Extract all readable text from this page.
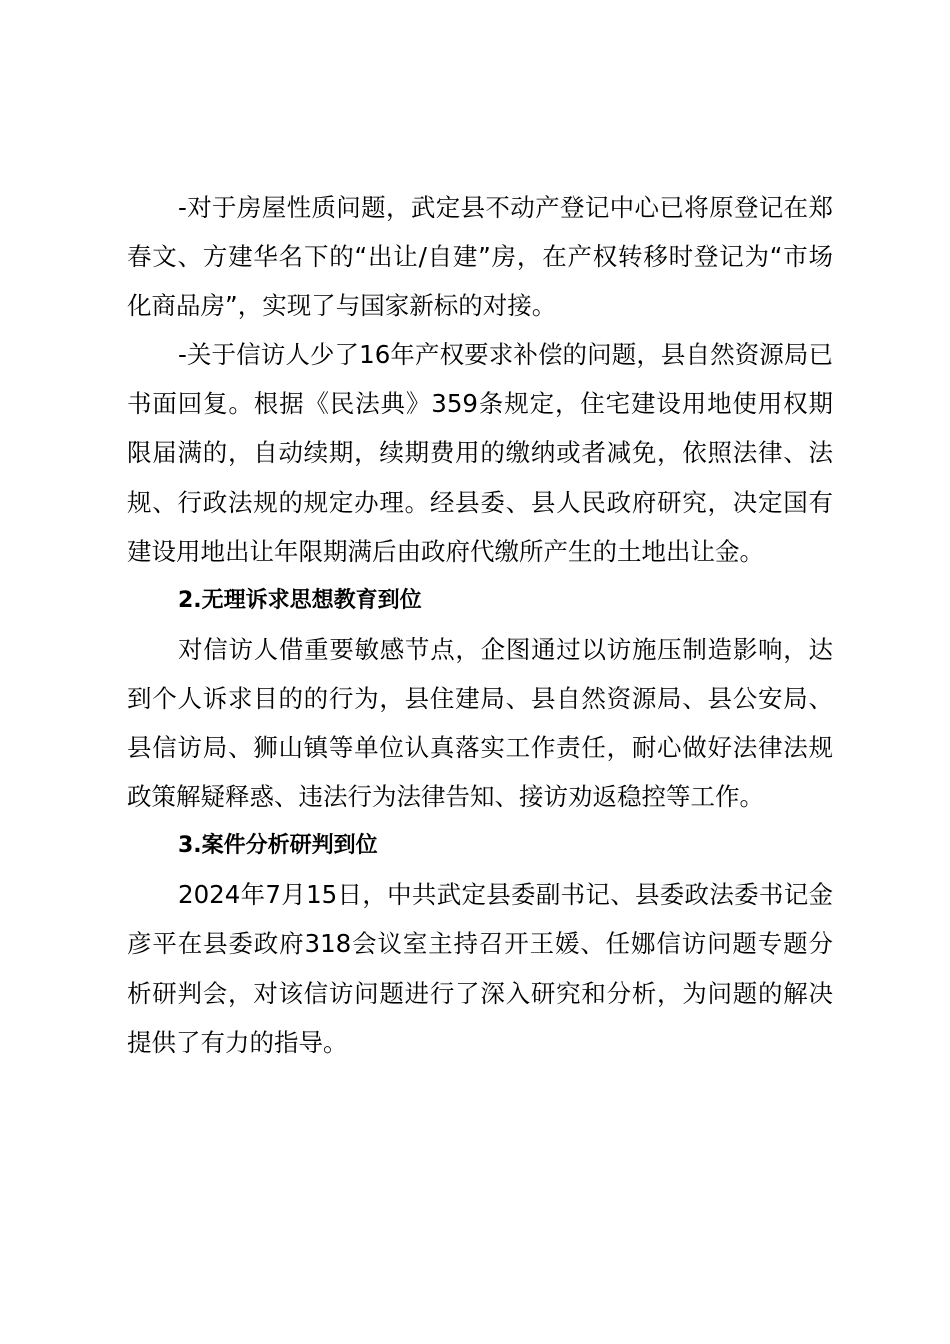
-对于房屋性质问题，武定县不动产登记中心已将原登记在郑春文、方建华名下的“出让/自建”房，在产权转移时登记为“市场化商品房”，实现了与国家新标的对接。

-关于信访人少了16年产权要求补偿的问题，县自然资源局已书面回复。根据《民法典》359条规定，住宅建设用地使用权期限届满的，自动续期，续期费用的缴纳或者减免，依照法律、法规、行政法规的规定办理。经县委、县人民政府研究，决定国有建设用地出让年限期满后由政府代缴所产生的土地出让金。

2.无理诉求思想教育到位

对信访人借重要敏感节点，企图通过以访施压制造影响，达到个人诉求目的的行为，县住建局、县自然资源局、县公安局、县信访局、狮山镇等单位认真落实工作责任，耐心做好法律法规政策解疑释惑、违法行为法律告知、接访劝返稳控等工作。

3.案件分析研判到位

2024年7月15日，中共武定县委副书记、县委政法委书记金彦平在县委政府318会议室主持召开王媛、任娜信访问题专题分析研判会，对该信访问题进行了深入研究和分析，为问题的解决提供了有力的指导。
